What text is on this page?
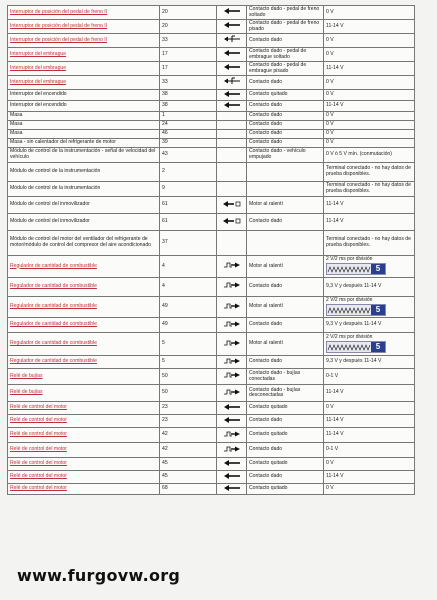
Interruptor de posición del pedal de freno II	20		Contacto dado - pedal de freno soltado	0 V
Interruptor de posición del pedal de freno II	20		Contacto dado - pedal de freno pisado	11-14 V
Interruptor de posición del pedal de freno II	33		Contacto dado	0 V
Interruptor del embrague	17		Contacto dado - pedal de embrague soltado	0 V
Interruptor del embrague	17		Contacto dado - pedal de embrague pisado	11-14 V
Interruptor del embrague	33		Contacto dado	0 V
Interruptor del encendido	38		Contacto quitado	0 V
Interruptor del encendido	38		Contacto dado	11-14 V
Masa	1		Contacto dado	0 V
Masa	24		Contacto dado	0 V
Masa	46		Contacto dado	0 V
Masa - sin calentador del refrigerante de motor	39		Contacto dado	0 V
Módulo de control de la instrumentación - señal de velocidad del vehículo	43		Contacto dado - vehículo empujado	0 V ó 5 V mín. (conmutación)
Módulo de control de la instrumentación	2			Terminal conectado - no hay datos de prueba disponibles.
Módulo de control de la instrumentación	9			Terminal conectado - no hay datos de prueba disponibles.
Módulo de control del inmovilizador	61		Motor al ralentí	11-14 V
Módulo de control del inmovilizador	61		Contacto dado	11-14 V
Módulo de control del motor del ventilador del refrigerante de motor/módulo de control del compresor del aire acondicionado	37			Terminal conectado - no hay datos de prueba disponibles.
Regulador de cantidad de combustible	4		Motor al ralentí	2 V/2 ms por división
5

Regulador de cantidad de combustible	4		Contacto dado	9,3 V y después 11-14 V
Regulador de cantidad de combustible	49		Motor al ralentí	2 V/2 ms por división
5

Regulador de cantidad de combustible	49		Contacto dado	9,3 V y después 11-14 V
Regulador de cantidad de combustible	5		Motor al ralentí	2 V/2 ms por división
5

Regulador de cantidad de combustible	5		Contacto dado	9,3 V y después 11-14 V
Relé de bujías	50		Contacto dado - bujías conectadas	0-1 V
Relé de bujías	50		Contacto dado - bujías desconectadas	11-14 V
Relé de control del motor	23		Contacto quitado	0 V
Relé de control del motor	23		Contacto dado	11-14 V
Relé de control del motor	42		Contacto quitado	11-14 V
Relé de control del motor	42		Contacto dado	0-1 V
Relé de control del motor	45		Contacto quitado	0 V
Relé de control del motor	45		Contacto dado	11-14 V
Relé de control del motor	68		Contacto quitado	0 V
www.furgovw.org
